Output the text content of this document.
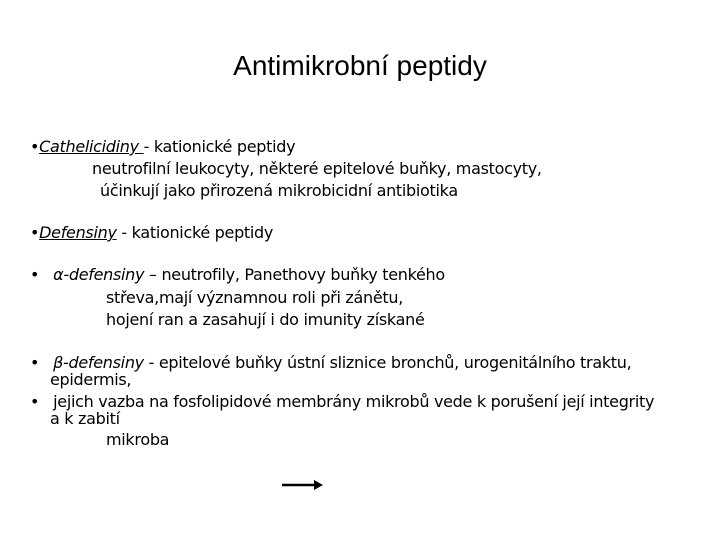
Antimikrobní peptidy
•Cathelicidiny - kationické peptidy
neutrofilní leukocyty, některé epitelové buňky, mastocyty,
účinkují jako přirozená mikrobicidní antibiotika
•Defensiny - kationické peptidy
• α-defensiny – neutrofily, Panethovy buňky tenkého
střeva,mají významnou roli při zánětu,
hojení ran a zasahují i do imunity získané
• β-defensiny - epitelové buňky ústní sliznice bronchů, urogenitálního traktu,
epidermis,
• jejich vazba na fosfolipidové membrány mikrobů vede k porušení její integrity
a k zabití
mikroba
